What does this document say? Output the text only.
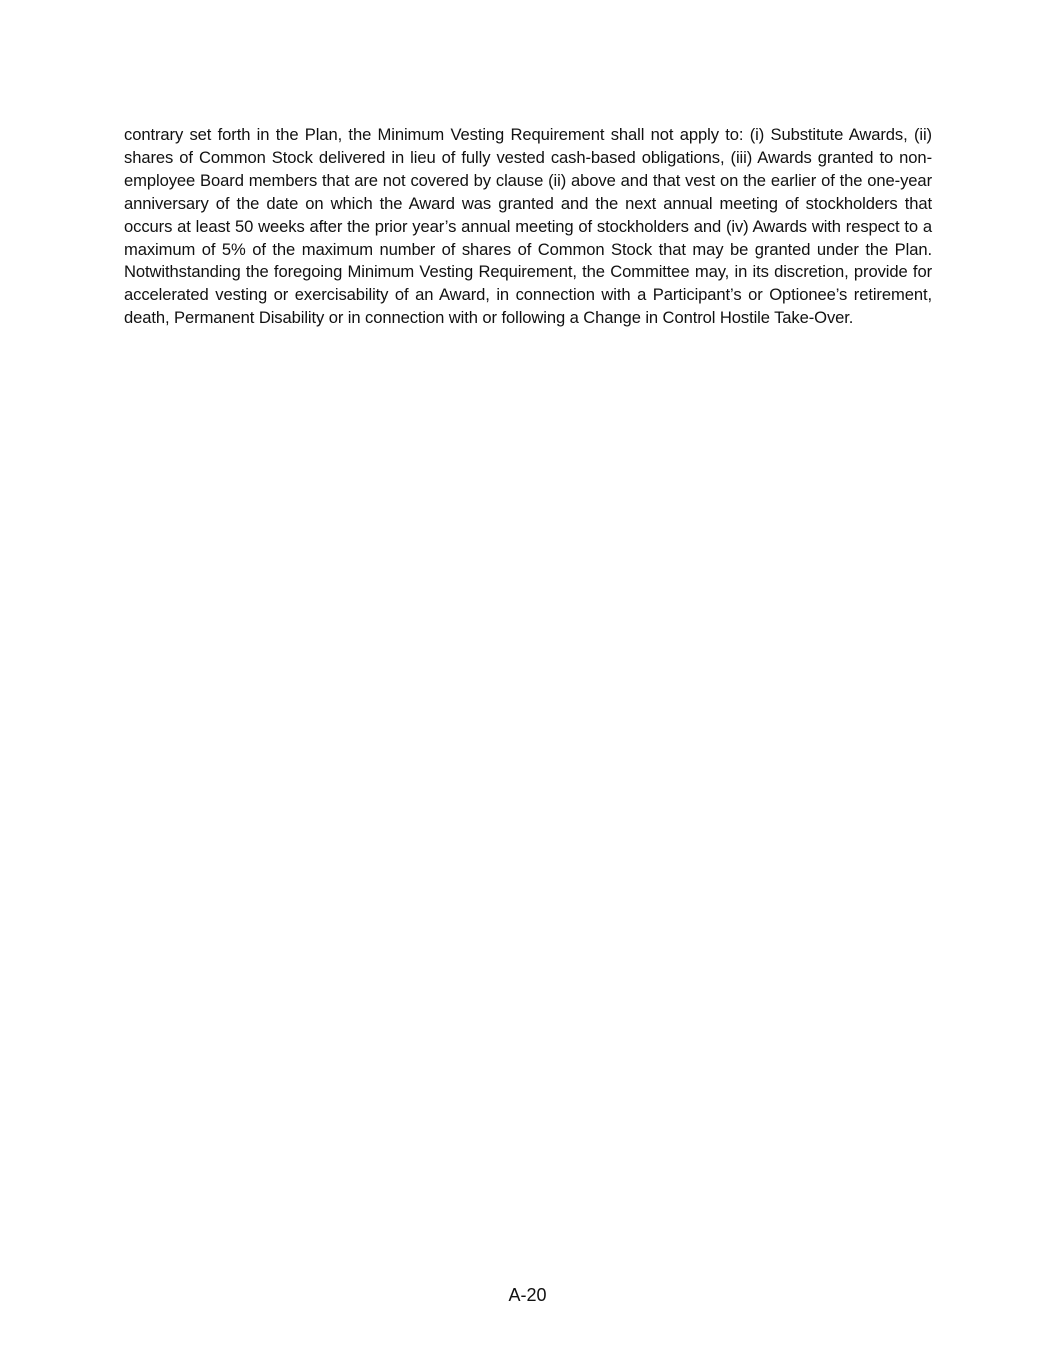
contrary set forth in the Plan, the Minimum Vesting Requirement shall not apply to: (i) Substitute Awards, (ii) shares of Common Stock delivered in lieu of fully vested cash-based obligations, (iii) Awards granted to non-employee Board members that are not covered by clause (ii) above and that vest on the earlier of the one-year anniversary of the date on which the Award was granted and the next annual meeting of stockholders that occurs at least 50 weeks after the prior year’s annual meeting of stockholders and (iv) Awards with respect to a maximum of 5% of the maximum number of shares of Common Stock that may be granted under the Plan. Notwithstanding the foregoing Minimum Vesting Requirement, the Committee may, in its discretion, provide for accelerated vesting or exercisability of an Award, in connection with a Participant’s or Optionee’s retirement, death, Permanent Disability or in connection with or following a Change in Control Hostile Take-Over.

A-20
